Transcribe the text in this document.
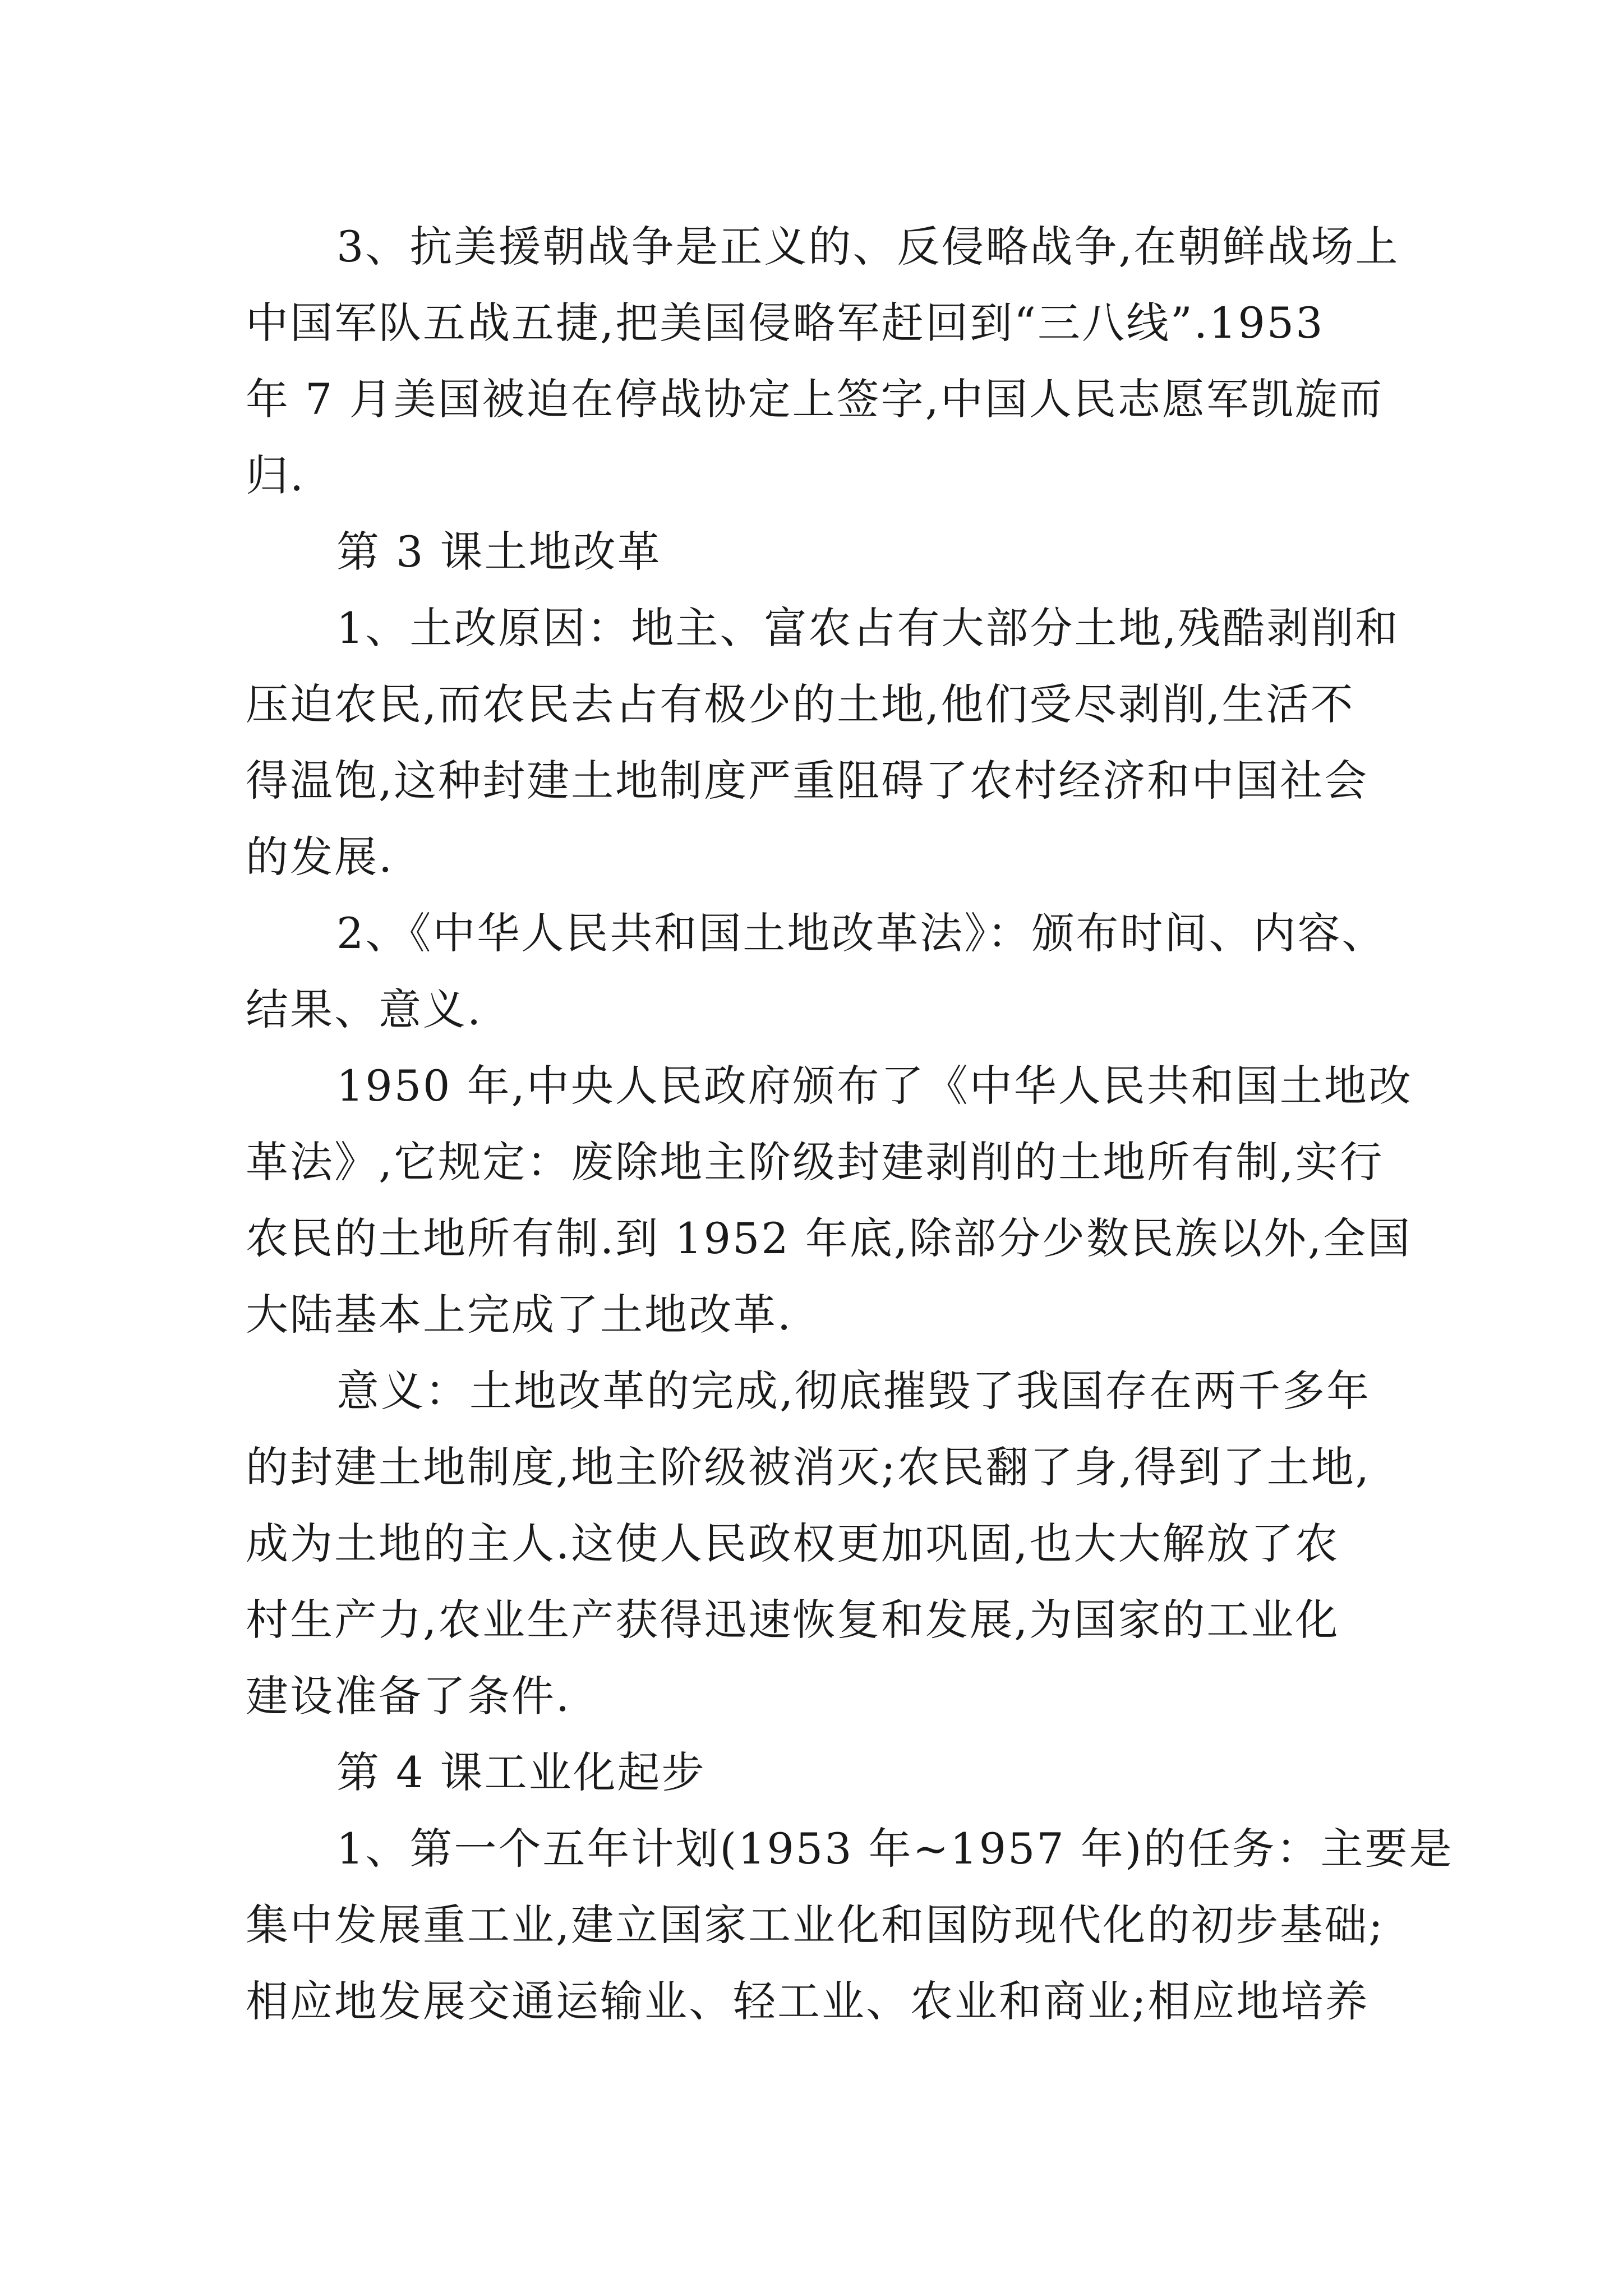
3、抗美援朝战争是正义的、反侵略战争,在朝鲜战场上
中国军队五战五捷,把美国侵略军赶回到“三八线”.1953
年 7 月美国被迫在停战协定上签字,中国人民志愿军凯旋而
归.
第 3 课土地改革
1、土改原因：地主、富农占有大部分土地,残酷剥削和
压迫农民,而农民去占有极少的土地,他们受尽剥削,生活不
得温饱,这种封建土地制度严重阻碍了农村经济和中国社会
的发展.
2、《中华人民共和国土地改革法》：颁布时间、内容、
结果、意义.
1950 年,中央人民政府颁布了《中华人民共和国土地改
革法》,它规定：废除地主阶级封建剥削的土地所有制,实行
农民的土地所有制.到 1952 年底,除部分少数民族以外,全国
大陆基本上完成了土地改革.
意义：土地改革的完成,彻底摧毁了我国存在两千多年
的封建土地制度,地主阶级被消灭;农民翻了身,得到了土地,
成为土地的主人.这使人民政权更加巩固,也大大解放了农
村生产力,农业生产获得迅速恢复和发展,为国家的工业化
建设准备了条件.
第 4 课工业化起步
1、第一个五年计划(1953 年~1957 年)的任务：主要是
集中发展重工业,建立国家工业化和国防现代化的初步基础;
相应地发展交通运输业、轻工业、农业和商业;相应地培养
